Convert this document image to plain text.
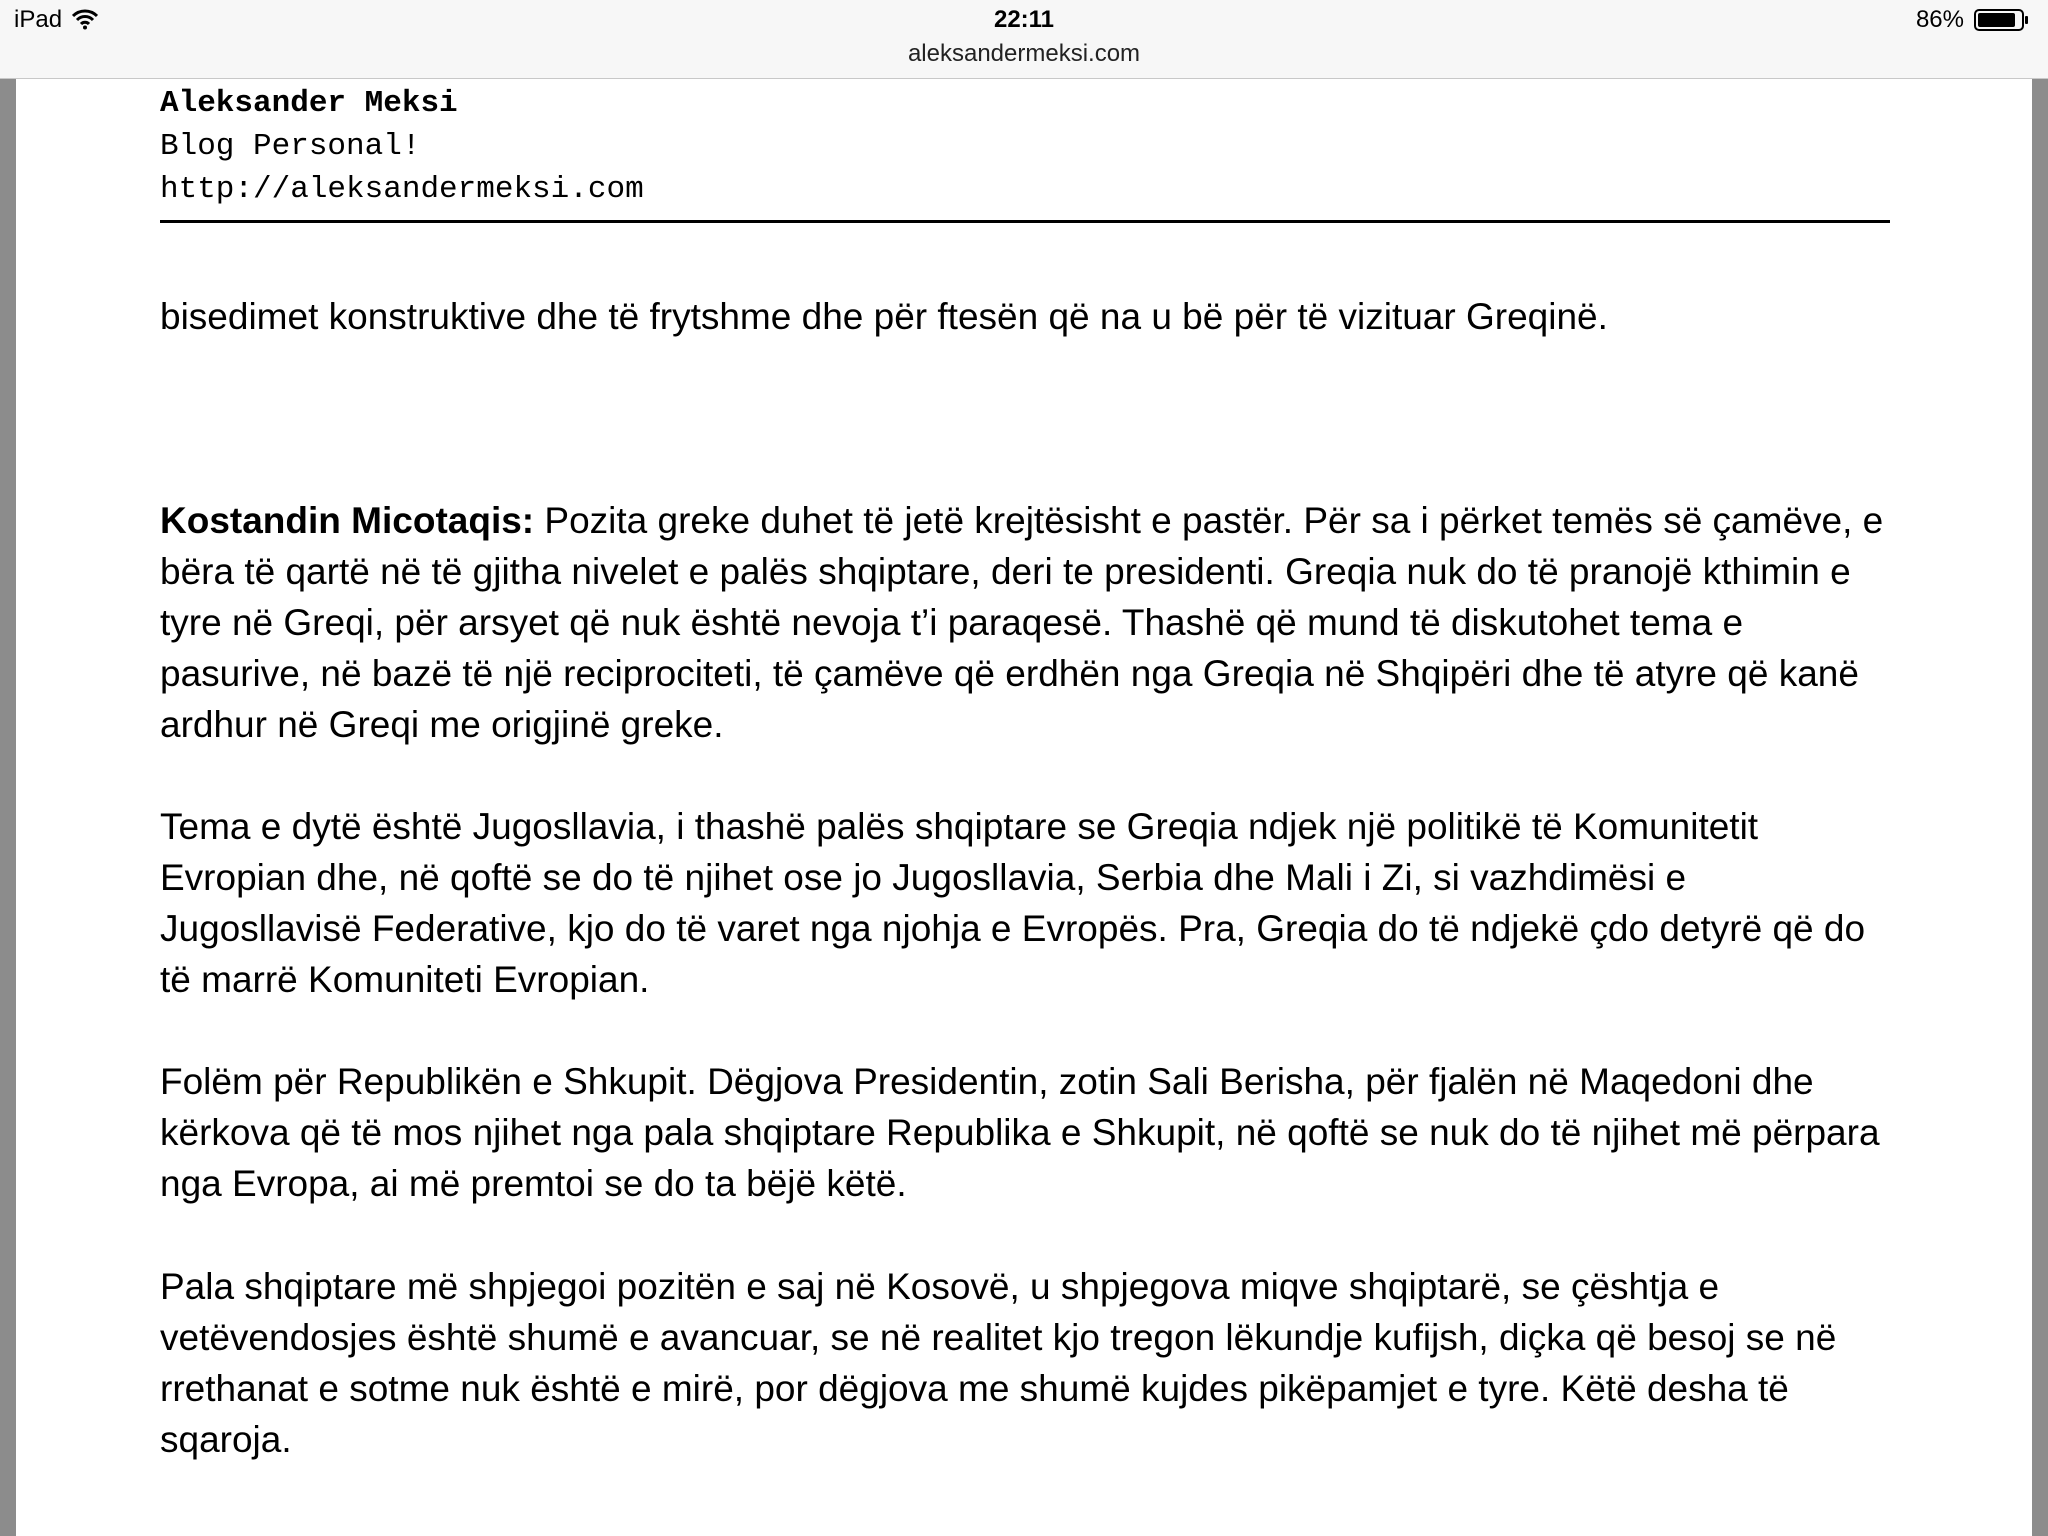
iPad	22:11	86%
aleksandermeksi.com
Aleksander Meksi
Blog Personal!
http://aleksandermeksi.com

bisedimet konstruktive dhe të frytshme dhe për ftesën që na u bë për të vizituar Greqinë.

Kostandin Micotaqis: Pozita greke duhet të jetë krejtësisht e pastër. Për sa i përket temës së çamëve, e bëra të qartë në të gjitha nivelet e palës shqiptare, deri te presidenti. Greqia nuk do të pranojë kthimin e tyre në Greqi, për arsyet që nuk është nevoja t’i paraqesë. Thashë që mund të diskutohet tema e pasurive, në bazë të një reciprociteti, të çamëve që erdhën nga Greqia në Shqipëri dhe të atyre që kanë ardhur në Greqi me origjinë greke.

Tema e dytë është Jugosllavia, i thashë palës shqiptare se Greqia ndjek një politikë të Komunitetit Evropian dhe, në qoftë se do të njihet ose jo Jugosllavia, Serbia dhe Mali i Zi, si vazhdimësi e Jugosllavisë Federative, kjo do të varet nga njohja e Evropës. Pra, Greqia do të ndjekë çdo detyrë që do të marrë Komuniteti Evropian.

Folëm për Republikën e Shkupit. Dëgjova Presidentin, zotin Sali Berisha, për fjalën në Maqedoni dhe kërkova që të mos njihet nga pala shqiptare Republika e Shkupit, në qoftë se nuk do të njihet më përpara nga Evropa, ai më premtoi se do ta bëjë këtë.

Pala shqiptare më shpjegoi pozitën e saj në Kosovë, u shpjegova miqve shqiptarë, se çështja e vetëvendosjes është shumë e avancuar, se në realitet kjo tregon lëkundje kufijsh, diçka që besoj se në rrethanat e sotme nuk është e mirë, por dëgjova me shumë kujdes pikëpamjet e tyre. Këtë desha të sqaroja.
